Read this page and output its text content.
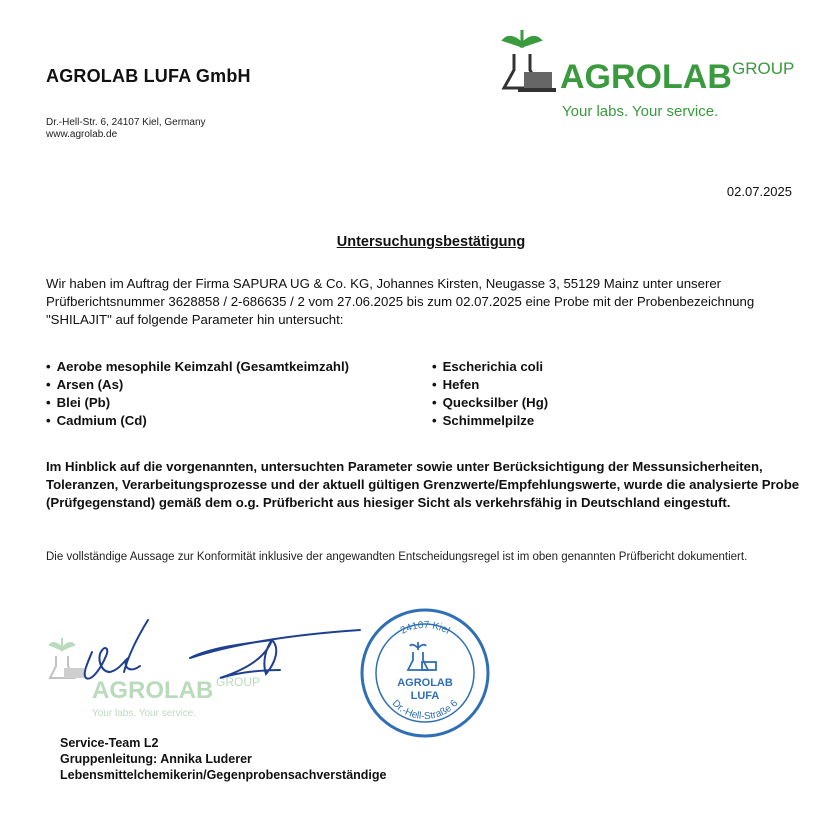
AGROLAB LUFA GmbH
Dr.-Hell-Str. 6, 24107 Kiel, Germany
www.agrolab.de
AGROLAB GROUP
Your labs. Your service.
02.07.2025
Untersuchungsbestätigung
Wir haben im Auftrag der Firma SAPURA UG & Co. KG, Johannes Kirsten, Neugasse 3, 55129 Mainz unter unserer Prüfberichtsnummer 3628858 / 2-686635 / 2 vom 27.06.2025 bis zum 02.07.2025 eine Probe mit der Probenbezeichnung "SHILAJIT" auf folgende Parameter hin untersucht:
• Aerobe mesophile Keimzahl (Gesamtkeimzahl)
• Arsen (As)
• Blei (Pb)
• Cadmium (Cd)
• Escherichia coli
• Hefen
• Quecksilber (Hg)
• Schimmelpilze
Im Hinblick auf die vorgenannten, untersuchten Parameter sowie unter Berücksichtigung der Messunsicherheiten, Toleranzen, Verarbeitungsprozesse und der aktuell gültigen Grenzwerte/Empfehlungswerte, wurde die analysierte Probe (Prüfgegenstand) gemäß dem o.g. Prüfbericht aus hiesiger Sicht als verkehrsfähig in Deutschland eingestuft.
Die vollständige Aussage zur Konformität inklusive der angewandten Entscheidungsregel ist im oben genannten Prüfbericht dokumentiert.
AGROLAB GROUP
Your labs. Your service.
24107 Kiel
Dr.-Hell-Straße 6
AGROLAB
LUFA
Service-Team L2
Gruppenleitung: Annika Luderer
Lebensmittelchemikerin/Gegenprobensachverständige
